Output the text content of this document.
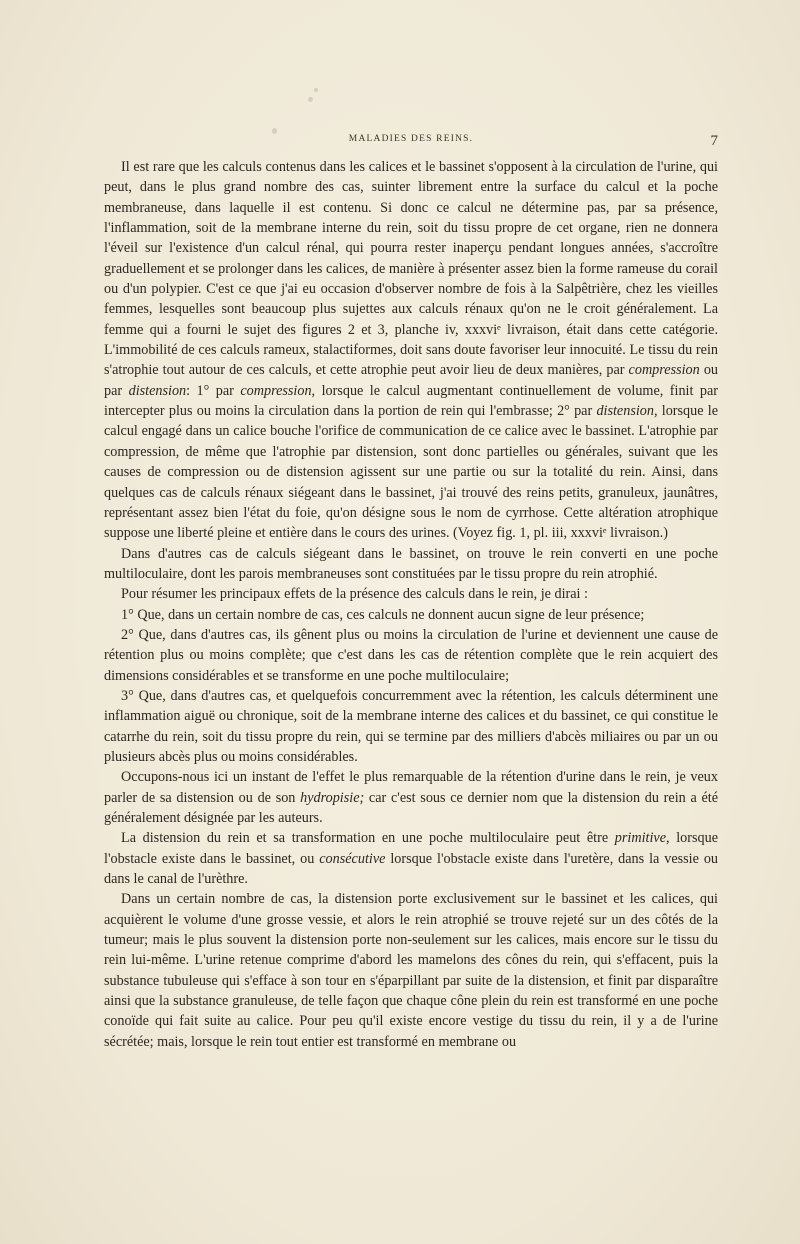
MALADIES DES REINS.	7

Il est rare que les calculs contenus dans les calices et le bassinet s'opposent à la circulation de l'urine, qui peut, dans le plus grand nombre des cas, suinter librement entre la surface du calcul et la poche membraneuse, dans laquelle il est contenu. Si donc ce calcul ne détermine pas, par sa présence, l'inflammation, soit de la membrane interne du rein, soit du tissu propre de cet organe, rien ne donnera l'éveil sur l'existence d'un calcul rénal, qui pourra rester inaperçu pendant longues années, s'accroître graduellement et se prolonger dans les calices, de manière à présenter assez bien la forme rameuse du corail ou d'un polypier. C'est ce que j'ai eu occasion d'observer nombre de fois à la Salpêtrière, chez les vieilles femmes, lesquelles sont beaucoup plus sujettes aux calculs rénaux qu'on ne le croit généralement. La femme qui a fourni le sujet des figures 2 et 3, planche iv, xxxviᵉ livraison, était dans cette catégorie. L'immobilité de ces calculs rameux, stalactiformes, doit sans doute favoriser leur innocuité. Le tissu du rein s'atrophie tout autour de ces calculs, et cette atrophie peut avoir lieu de deux manières, par compression ou par distension: 1° par compression, lorsque le calcul augmentant continuellement de volume, finit par intercepter plus ou moins la circulation dans la portion de rein qui l'embrasse; 2° par distension, lorsque le calcul engagé dans un calice bouche l'orifice de communication de ce calice avec le bassinet. L'atrophie par compression, de même que l'atrophie par distension, sont donc partielles ou générales, suivant que les causes de compression ou de distension agissent sur une partie ou sur la totalité du rein. Ainsi, dans quelques cas de calculs rénaux siégeant dans le bassinet, j'ai trouvé des reins petits, granuleux, jaunâtres, représentant assez bien l'état du foie, qu'on désigne sous le nom de cyrrhose. Cette altération atrophique suppose une liberté pleine et entière dans le cours des urines. (Voyez fig. 1, pl. iii, xxxviᵉ livraison.)

Dans d'autres cas de calculs siégeant dans le bassinet, on trouve le rein converti en une poche multiloculaire, dont les parois membraneuses sont constituées par le tissu propre du rein atrophié.

Pour résumer les principaux effets de la présence des calculs dans le rein, je dirai :

1° Que, dans un certain nombre de cas, ces calculs ne donnent aucun signe de leur présence;

2° Que, dans d'autres cas, ils gênent plus ou moins la circulation de l'urine et deviennent une cause de rétention plus ou moins complète; que c'est dans les cas de rétention complète que le rein acquiert des dimensions considérables et se transforme en une poche multiloculaire;

3° Que, dans d'autres cas, et quelquefois concurremment avec la rétention, les calculs déterminent une inflammation aiguë ou chronique, soit de la membrane interne des calices et du bassinet, ce qui constitue le catarrhe du rein, soit du tissu propre du rein, qui se termine par des milliers d'abcès miliaires ou par un ou plusieurs abcès plus ou moins considérables.

Occupons-nous ici un instant de l'effet le plus remarquable de la rétention d'urine dans le rein, je veux parler de sa distension ou de son hydropisie; car c'est sous ce dernier nom que la distension du rein a été généralement désignée par les auteurs.

La distension du rein et sa transformation en une poche multiloculaire peut être primitive, lorsque l'obstacle existe dans le bassinet, ou consécutive lorsque l'obstacle existe dans l'uretère, dans la vessie ou dans le canal de l'urèthre.

Dans un certain nombre de cas, la distension porte exclusivement sur le bassinet et les calices, qui acquièrent le volume d'une grosse vessie, et alors le rein atrophié se trouve rejeté sur un des côtés de la tumeur; mais le plus souvent la distension porte non-seulement sur les calices, mais encore sur le tissu du rein lui-même. L'urine retenue comprime d'abord les mamelons des cônes du rein, qui s'effacent, puis la substance tubuleuse qui s'efface à son tour en s'éparpillant par suite de la distension, et finit par disparaître ainsi que la substance granuleuse, de telle façon que chaque cône plein du rein est transformé en une poche conoïde qui fait suite au calice. Pour peu qu'il existe encore vestige du tissu du rein, il y a de l'urine sécrétée; mais, lorsque le rein tout entier est transformé en membrane ou
